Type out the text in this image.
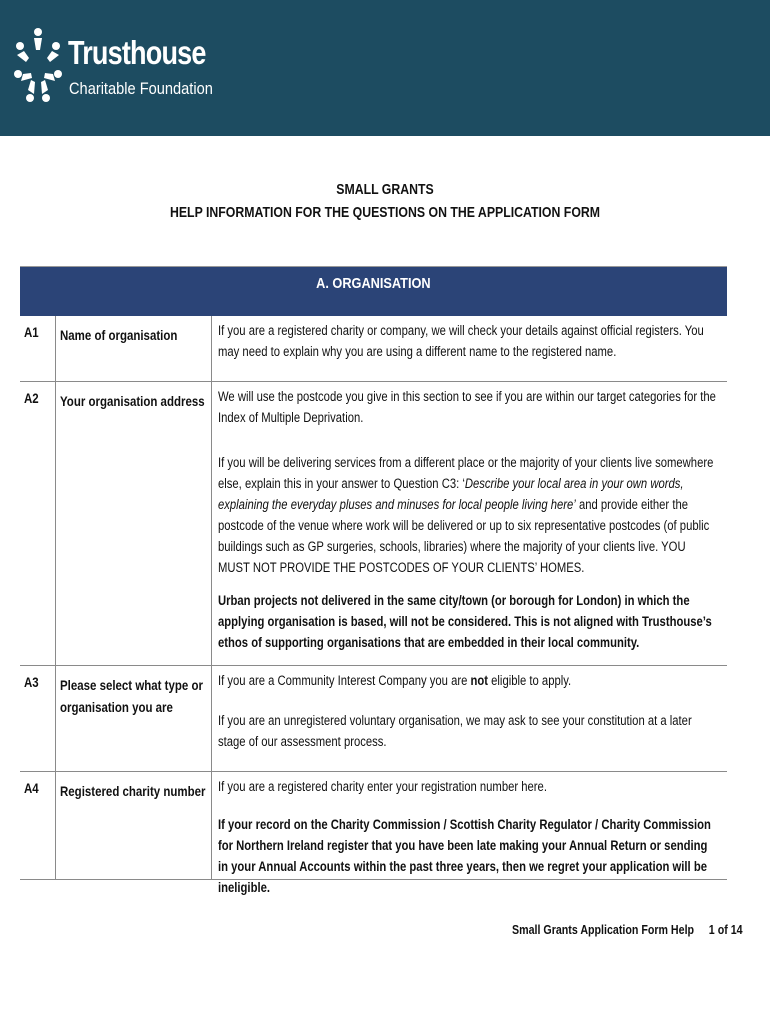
Trusthouse
Charitable Foundation
SMALL GRANTS
HELP INFORMATION FOR THE QUESTIONS ON THE APPLICATION FORM
A. ORGANISATION
A1 Name of organisation	If you are a registered charity or company, we will check your details against official registers. You may need to explain why you are using a different name to the registered name.
A2 Your organisation address We will use the postcode you give in this section to see if you are within our target categories for the Index of Multiple Deprivation.
If you will be delivering services from a different place or the majority of your clients live somewhere else, explain this in your answer to Question C3: ‘Describe your local area in your own words, explaining the everyday pluses and minuses for local people living here’ and provide either the postcode of the venue where work will be delivered or up to six representative postcodes (of public buildings such as GP surgeries, schools, libraries) where the majority of your clients live. YOU MUST NOT PROVIDE THE POSTCODES OF YOUR CLIENTS’ HOMES.
Urban projects not delivered in the same city/town (or borough for London) in which the applying organisation is based, will not be considered. This is not aligned with Trusthouse’s ethos of supporting organisations that are embedded in their local community.
A3 Please select what type or organisation you are
If you are a Community Interest Company you are not eligible to apply.
If you are an unregistered voluntary organisation, we may ask to see your constitution at a later stage of our assessment process.
A4 Registered charity number If you are a registered charity enter your registration number here.
If your record on the Charity Commission / Scottish Charity Regulator / Charity Commission for Northern Ireland register that you have been late making your Annual Return or sending in your Annual Accounts within the past three years, then we regret your application will be ineligible.
Small Grants Application Form Help 1 of 14
